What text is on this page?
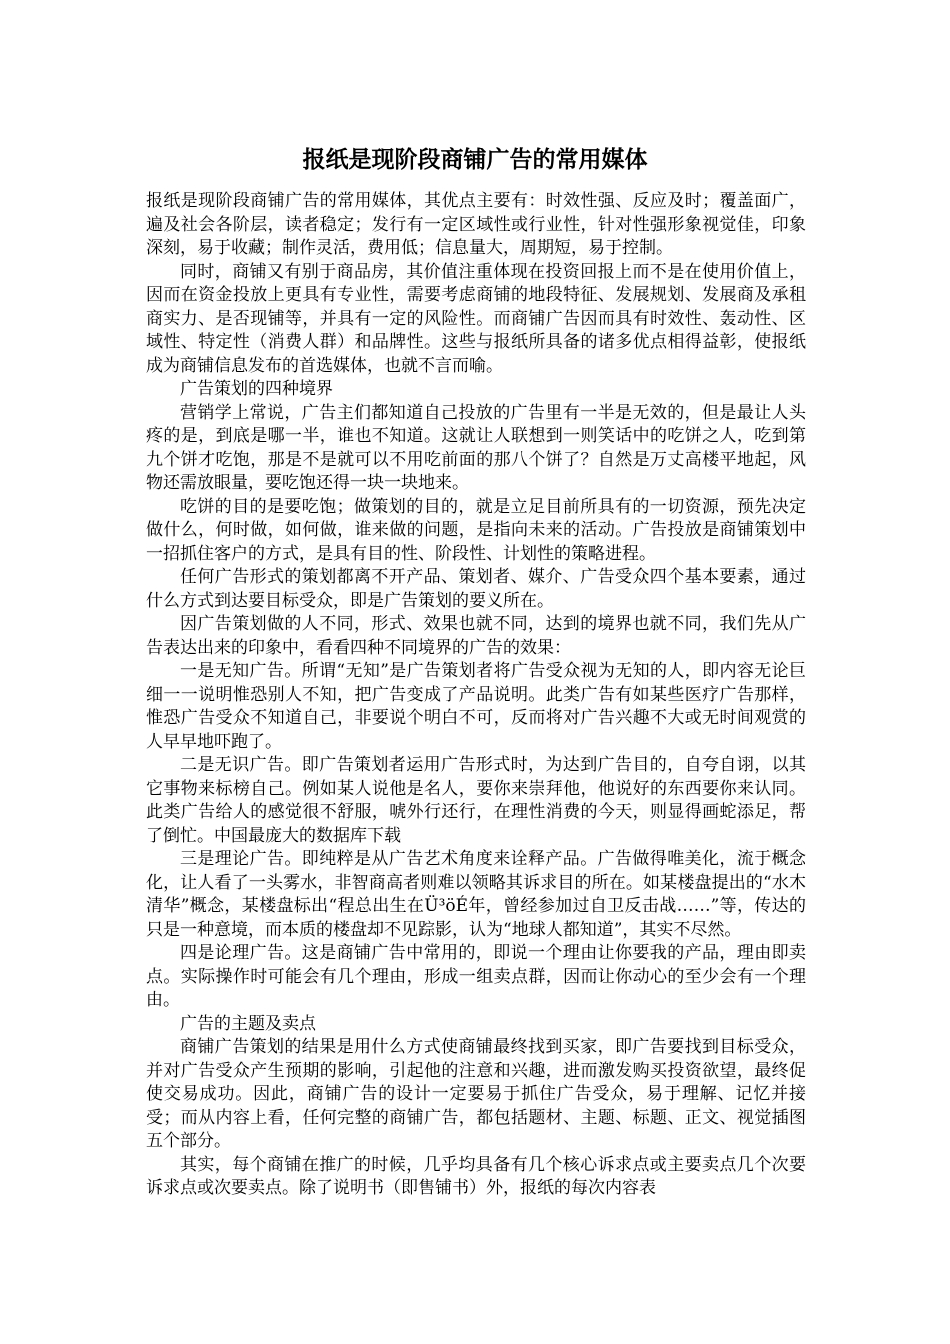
报纸是现阶段商铺广告的常用媒体

报纸是现阶段商铺广告的常用媒体，其优点主要有：时效性强、反应及时；覆盖面广，遍及社会各阶层，读者稳定；发行有一定区域性或行业性，针对性强形象视觉佳，印象深刻，易于收藏；制作灵活，费用低；信息量大，周期短，易于控制。

同时，商铺又有别于商品房，其价值注重体现在投资回报上而不是在使用价值上，因而在资金投放上更具有专业性，需要考虑商铺的地段特征、发展规划、发展商及承租商实力、是否现铺等，并具有一定的风险性。而商铺广告因而具有时效性、轰动性、区域性、特定性（消费人群）和品牌性。这些与报纸所具备的诸多优点相得益彰，使报纸成为商铺信息发布的首选媒体，也就不言而喻。

广告策划的四种境界

营销学上常说，广告主们都知道自己投放的广告里有一半是无效的，但是最让人头疼的是，到底是哪一半，谁也不知道。这就让人联想到一则笑话中的吃饼之人，吃到第九个饼才吃饱，那是不是就可以不用吃前面的那八个饼了？自然是万丈高楼平地起，风物还需放眼量，要吃饱还得一块一块地来。

吃饼的目的是要吃饱；做策划的目的，就是立足目前所具有的一切资源，预先决定做什么，何时做，如何做，谁来做的问题，是指向未来的活动。广告投放是商铺策划中一招抓住客户的方式，是具有目的性、阶段性、计划性的策略进程。

任何广告形式的策划都离不开产品、策划者、媒介、广告受众四个基本要素，通过什么方式到达要目标受众，即是广告策划的要义所在。

因广告策划做的人不同，形式、效果也就不同，达到的境界也就不同，我们先从广告表达出来的印象中，看看四种不同境界的广告的效果：

一是无知广告。所谓“无知”是广告策划者将广告受众视为无知的人，即内容无论巨细一一说明惟恐别人不知，把广告变成了产品说明。此类广告有如某些医疗广告那样，惟恐广告受众不知道自己，非要说个明白不可，反而将对广告兴趣不大或无时间观赏的人早早地吓跑了。

二是无识广告。即广告策划者运用广告形式时，为达到广告目的，自夸自诩，以其它事物来标榜自己。例如某人说他是名人，要你来崇拜他，他说好的东西要你来认同。此类广告给人的感觉很不舒服，唬外行还行，在理性消费的今天，则显得画蛇添足，帮了倒忙。中国最庞大的数据库下载

三是理论广告。即纯粹是从广告艺术角度来诠释产品。广告做得唯美化，流于概念化，让人看了一头雾水，非智商高者则难以领略其诉求目的所在。如某楼盘提出的“水木清华”概念，某楼盘标出“程总出生在Ü³öÉ年，曾经参加过自卫反击战……”等，传达的只是一种意境，而本质的楼盘却不见踪影，认为“地球人都知道”，其实不尽然。

四是论理广告。这是商铺广告中常用的，即说一个理由让你要我的产品，理由即卖点。实际操作时可能会有几个理由，形成一组卖点群，因而让你动心的至少会有一个理由。

广告的主题及卖点

商铺广告策划的结果是用什么方式使商铺最终找到买家，即广告要找到目标受众，并对广告受众产生预期的影响，引起他的注意和兴趣，进而激发购买投资欲望，最终促使交易成功。因此，商铺广告的设计一定要易于抓住广告受众，易于理解、记忆并接受；而从内容上看，任何完整的商铺广告，都包括题材、主题、标题、正文、视觉插图五个部分。

其实，每个商铺在推广的时候，几乎均具备有几个核心诉求点或主要卖点几个次要诉求点或次要卖点。除了说明书（即售铺书）外，报纸的每次内容表
